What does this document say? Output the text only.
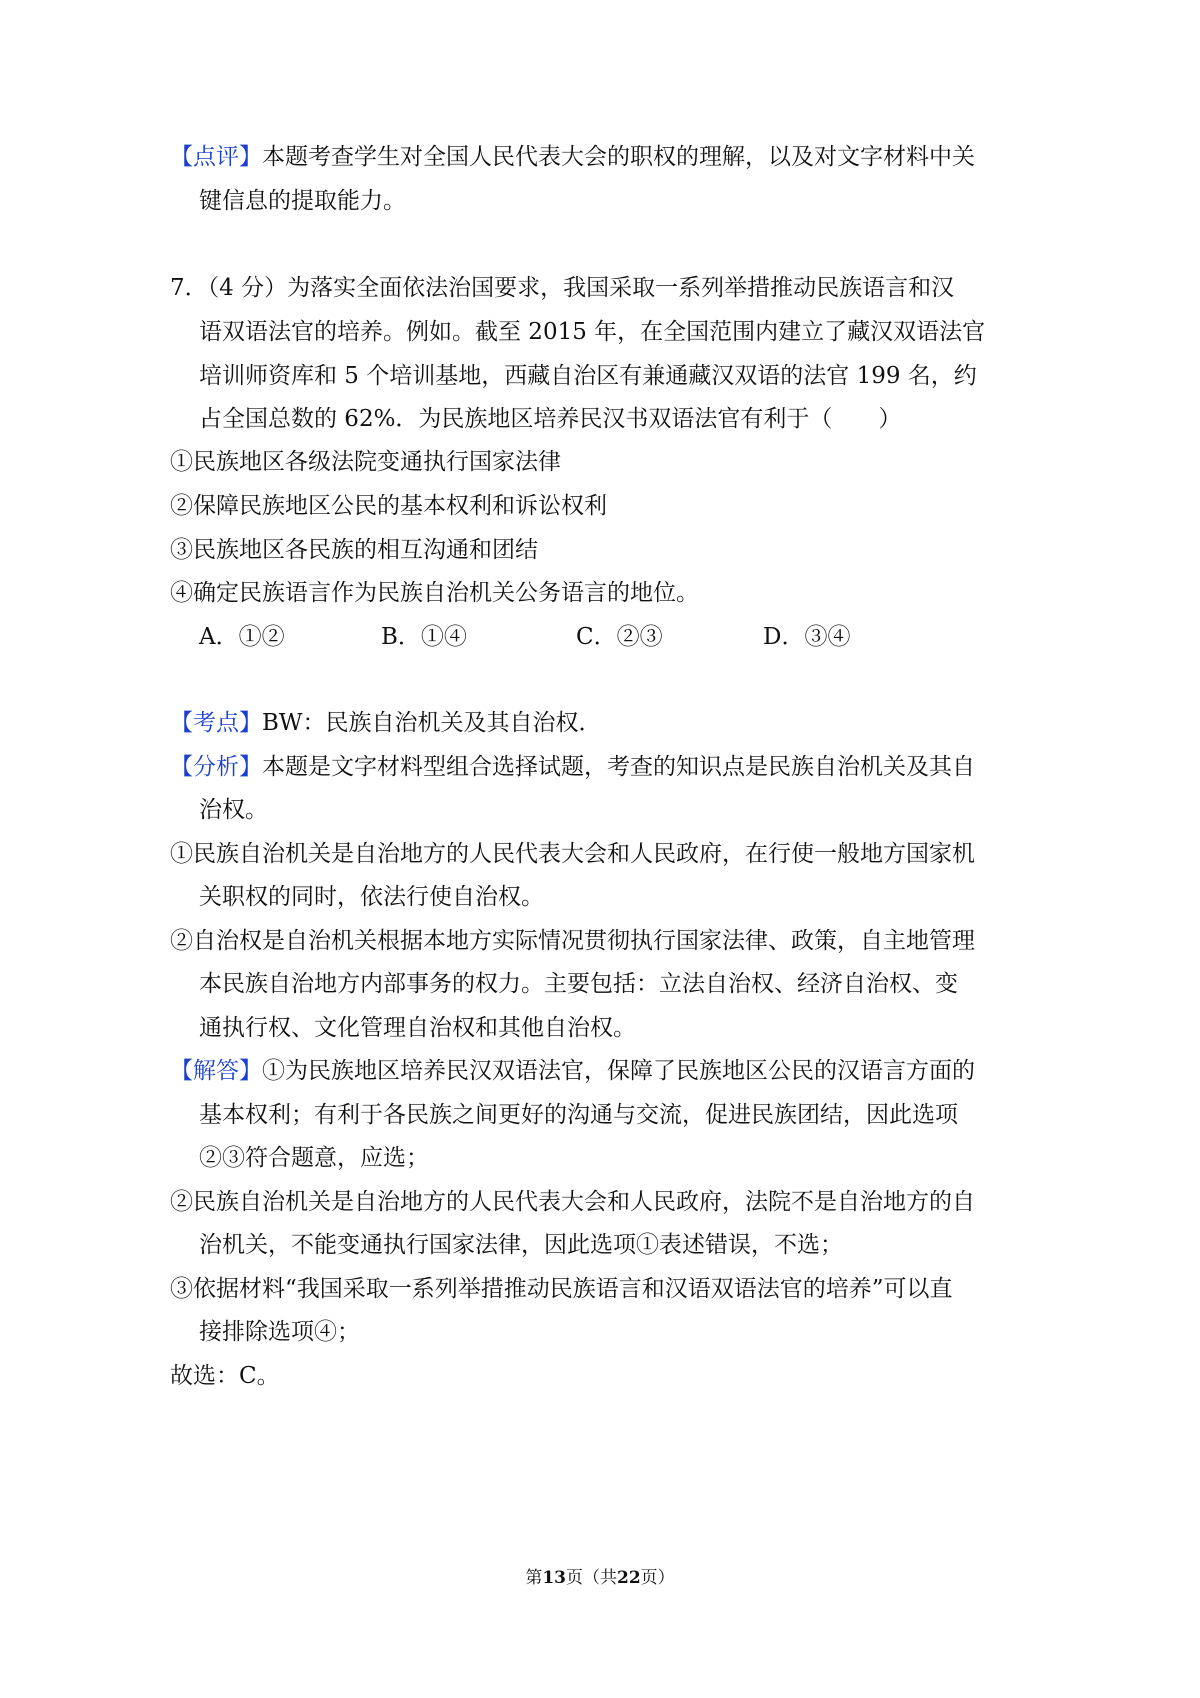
【点评】本题考查学生对全国人民代表大会的职权的理解，以及对文字材料中关
键信息的提取能力。
7．（4 分）为落实全面依法治国要求，我国采取一系列举措推动民族语言和汉
语双语法官的培养。例如。截至 2015 年，在全国范围内建立了藏汉双语法官
培训师资库和 5 个培训基地，西藏自治区有兼通藏汉双语的法官 199 名，约
占全国总数的 62%．为民族地区培养民汉书双语法官有利于（　　）
①民族地区各级法院变通执行国家法律
②保障民族地区公民的基本权利和诉讼权利
③民族地区各民族的相互沟通和团结
④确定民族语言作为民族自治机关公务语言的地位。
A．①②	B．①④	C．②③	D．③④
【考点】BW：民族自治机关及其自治权．
【分析】本题是文字材料型组合选择试题，考查的知识点是民族自治机关及其自
治权。
①民族自治机关是自治地方的人民代表大会和人民政府，在行使一般地方国家机
关职权的同时，依法行使自治权。
②自治权是自治机关根据本地方实际情况贯彻执行国家法律、政策，自主地管理
本民族自治地方内部事务的权力。主要包括：立法自治权、经济自治权、变
通执行权、文化管理自治权和其他自治权。
【解答】①为民族地区培养民汉双语法官，保障了民族地区公民的汉语言方面的
基本权利；有利于各民族之间更好的沟通与交流，促进民族团结，因此选项
②③符合题意，应选；
②民族自治机关是自治地方的人民代表大会和人民政府，法院不是自治地方的自
治机关，不能变通执行国家法律，因此选项①表述错误，不选；
③依据材料“我国采取一系列举措推动民族语言和汉语双语法官的培养”可以直
接排除选项④；
故选：C。
第13页（共22页）
